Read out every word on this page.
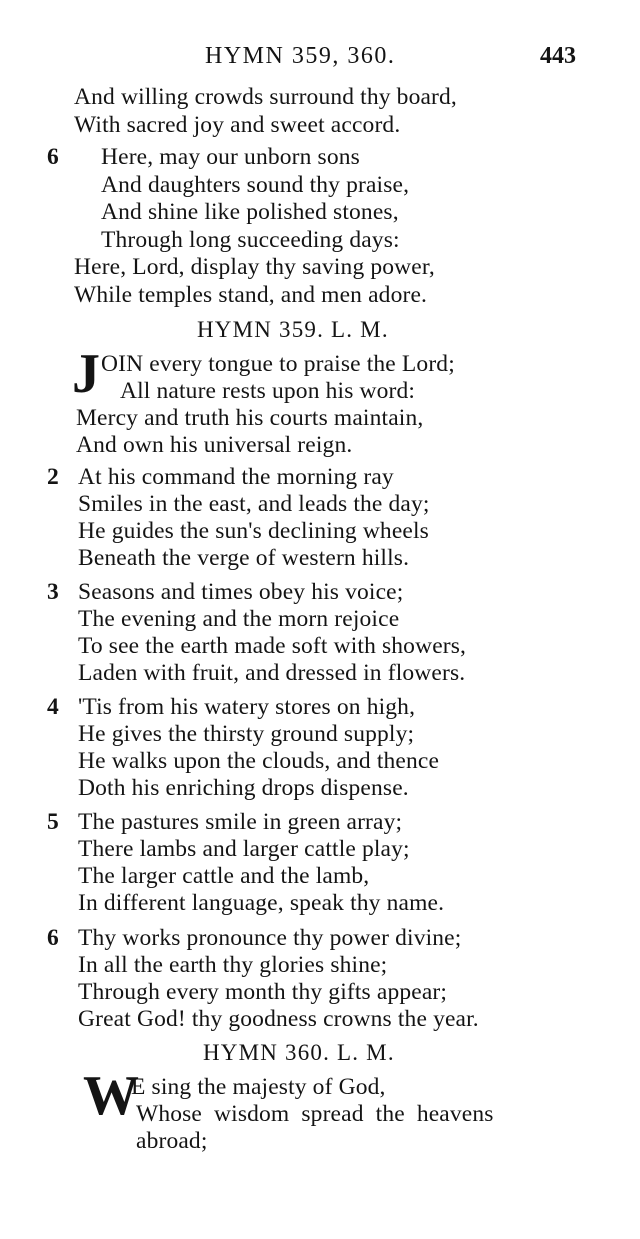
HYMN 359, 360.	443
And willing crowds surround thy board,
With sacred joy and sweet accord.
6 Here, may our unborn sons
And daughters sound thy praise,
And shine like polished stones,
Through long succeeding days:
Here, Lord, display thy saving power,
While temples stand, and men adore.
HYMN 359. L. M.
J OIN every tongue to praise the Lord;
All nature rests upon his word:
Mercy and truth his courts maintain,
And own his universal reign.
2 At his command the morning ray
Smiles in the east, and leads the day;
He guides the sun's declining wheels
Beneath the verge of western hills.
3 Seasons and times obey his voice;
The evening and the morn rejoice
To see the earth made soft with showers,
Laden with fruit, and dressed in flowers.
4 'Tis from his watery stores on high,
He gives the thirsty ground supply;
He walks upon the clouds, and thence
Doth his enriching drops dispense.
5 The pastures smile in green array;
There lambs and larger cattle play;
The larger cattle and the lamb,
In different language, speak thy name.
6 Thy works pronounce thy power divine;
In all the earth thy glories shine;
Through every month thy gifts appear;
Great God! thy goodness crowns the year.
HYMN 360. L. M.
W
E sing the majesty of God,
Whose wisdom spread the heavens
abroad;
